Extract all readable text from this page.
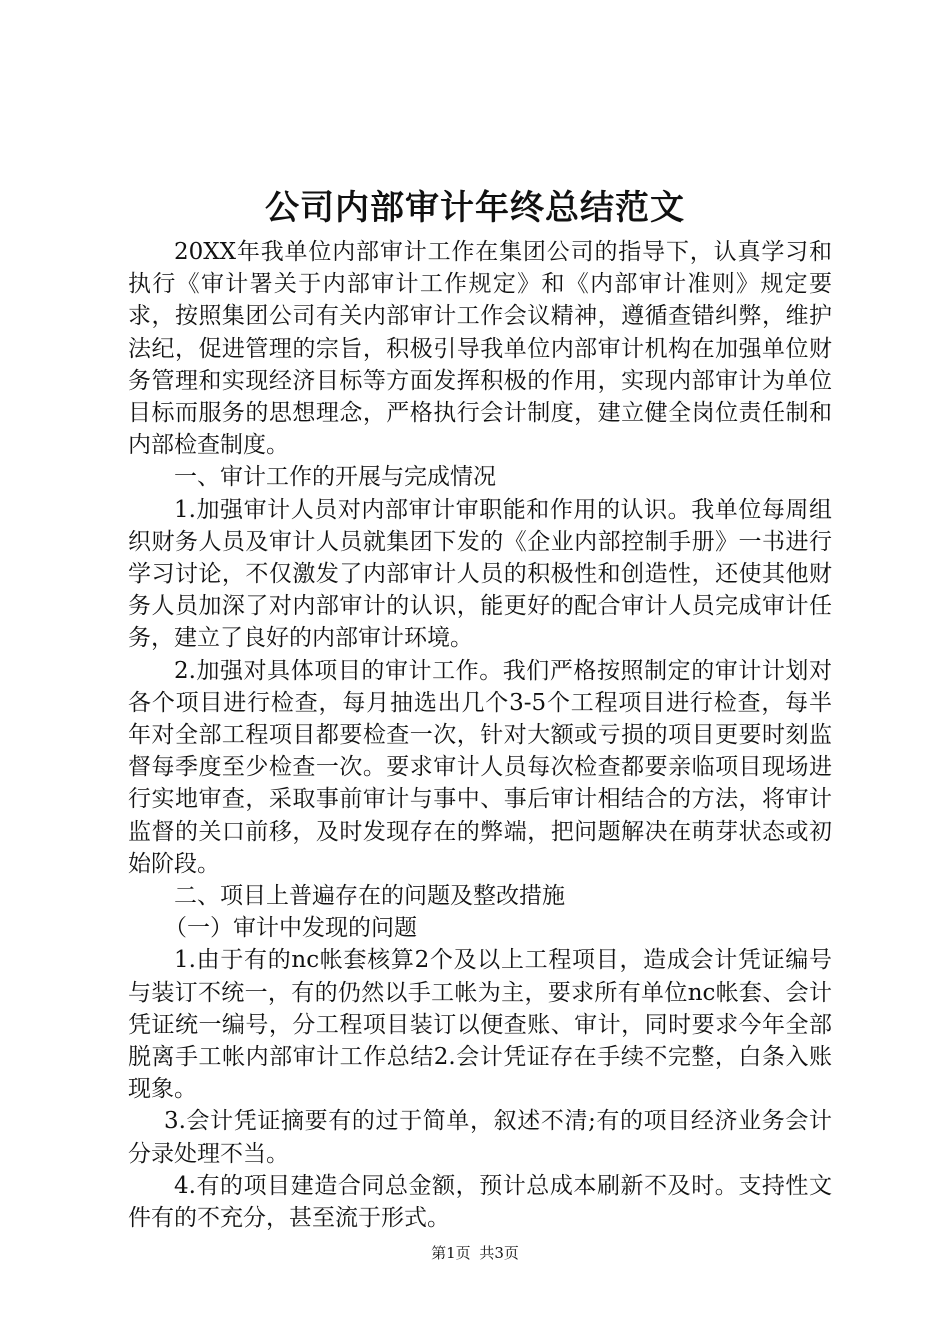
公司内部审计年终总结范文

20XX年我单位内部审计工作在集团公司的指导下，认真学习和执行《审计署关于内部审计工作规定》和《内部审计准则》规定要求，按照集团公司有关内部审计工作会议精神，遵循查错纠弊，维护法纪，促进管理的宗旨，积极引导我单位内部审计机构在加强单位财务管理和实现经济目标等方面发挥积极的作用，实现内部审计为单位目标而服务的思想理念，严格执行会计制度，建立健全岗位责任制和内部检查制度。

一、审计工作的开展与完成情况

1.加强审计人员对内部审计审职能和作用的认识。我单位每周组织财务人员及审计人员就集团下发的《企业内部控制手册》一书进行学习讨论，不仅激发了内部审计人员的积极性和创造性，还使其他财务人员加深了对内部审计的认识，能更好的配合审计人员完成审计任务，建立了良好的内部审计环境。

2.加强对具体项目的审计工作。我们严格按照制定的审计计划对各个项目进行检查，每月抽选出几个3-5个工程项目进行检查，每半年对全部工程项目都要检查一次，针对大额或亏损的项目更要时刻监督每季度至少检查一次。要求审计人员每次检查都要亲临项目现场进行实地审查，采取事前审计与事中、事后审计相结合的方法，将审计监督的关口前移，及时发现存在的弊端，把问题解决在萌芽状态或初始阶段。

二、项目上普遍存在的问题及整改措施

（一）审计中发现的问题

1.由于有的nc帐套核算2个及以上工程项目，造成会计凭证编号与装订不统一，有的仍然以手工帐为主，要求所有单位nc帐套、会计凭证统一编号，分工程项目装订以便查账、审计，同时要求今年全部脱离手工帐内部审计工作总结2.会计凭证存在手续不完整，白条入账现象。

3.会计凭证摘要有的过于简单，叙述不清;有的项目经济业务会计分录处理不当。

4.有的项目建造合同总金额，预计总成本刷新不及时。支持性文件有的不充分，甚至流于形式。

第1页 共3页
